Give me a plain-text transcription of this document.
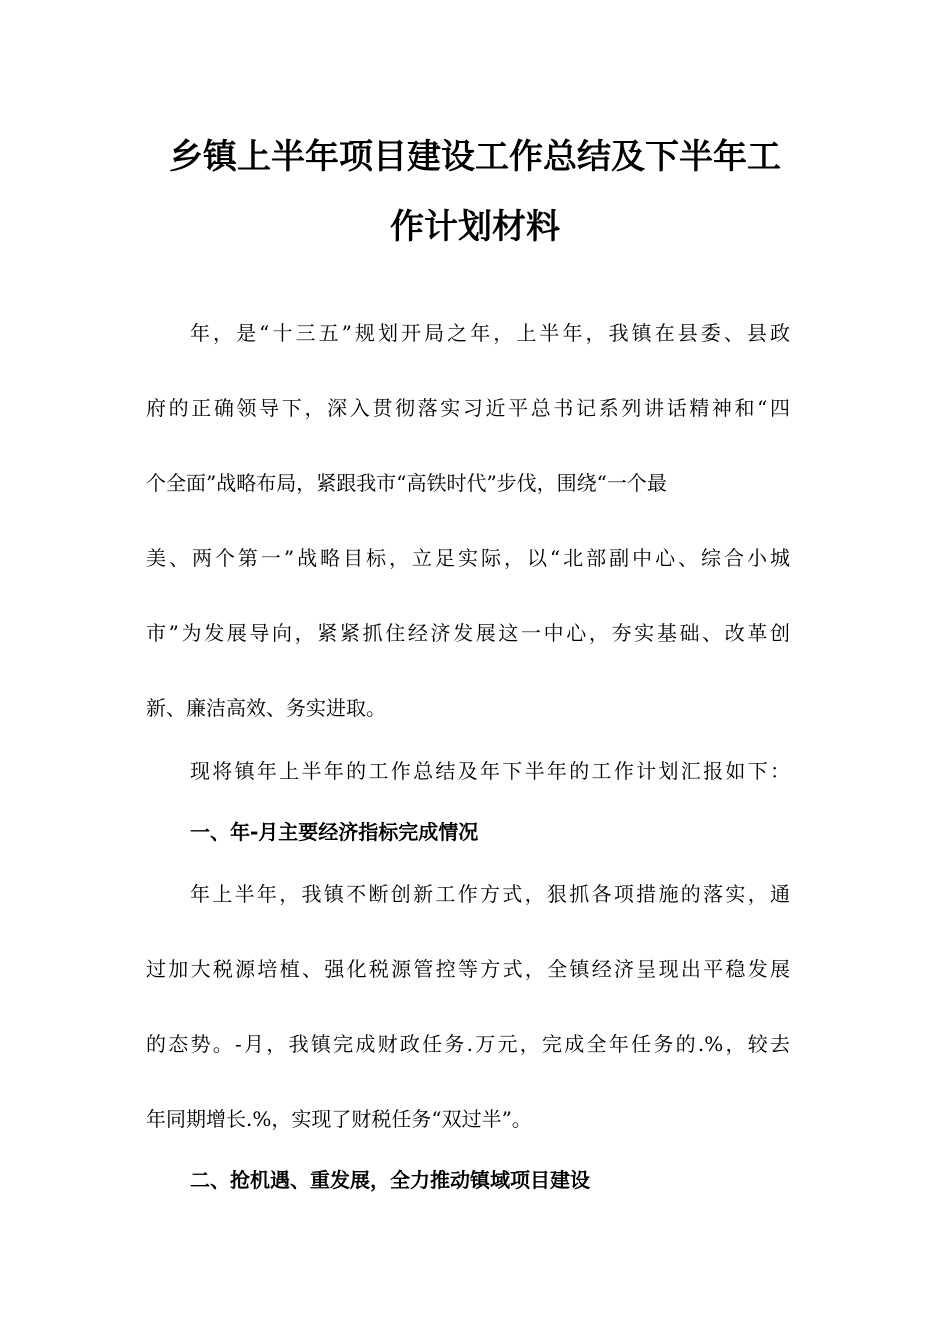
乡镇上半年项目建设工作总结及下半年工
作计划材料
年，是“十三五”规划开局之年，上半年，我镇在县委、县政
府的正确领导下，深入贯彻落实习近平总书记系列讲话精神和“四
个全面”战略布局，紧跟我市“高铁时代”步伐，围绕“一个最
美、两个第一”战略目标，立足实际，以“北部副中心、综合小城
市”为发展导向，紧紧抓住经济发展这一中心，夯实基础、改革创
新、廉洁高效、务实进取。
现将镇年上半年的工作总结及年下半年的工作计划汇报如下：
一、年-月主要经济指标完成情况
年上半年，我镇不断创新工作方式，狠抓各项措施的落实，通
过加大税源培植、强化税源管控等方式，全镇经济呈现出平稳发展
的态势。-月，我镇完成财政任务.万元，完成全年任务的.%，较去
年同期增长.%，实现了财税任务“双过半”。
二、抢机遇、重发展，全力推动镇域项目建设
